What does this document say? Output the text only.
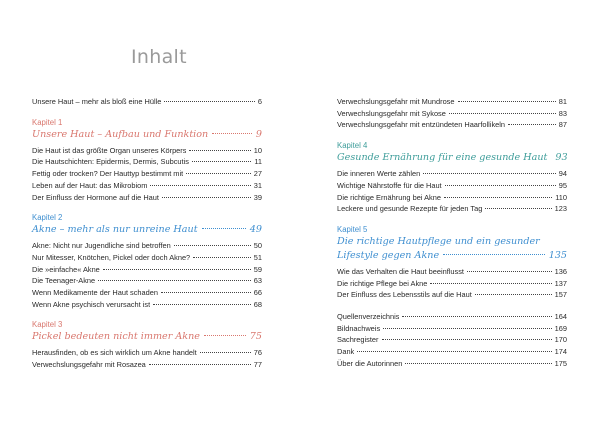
Inhalt
Unsere Haut – mehr als bloß eine Hülle	6
Kapitel 1
Unsere Haut – Aufbau und Funktion	9
Die Haut ist das größte Organ unseres Körpers	10
Die Hautschichten: Epidermis, Dermis, Subcutis	11
Fettig oder trocken? Der Hauttyp bestimmt mit	27
Leben auf der Haut: das Mikrobiom	31
Der Einfluss der Hormone auf die Haut	39
Kapitel 2
Akne – mehr als nur unreine Haut	49
Akne: Nicht nur Jugendliche sind betroffen	50
Nur Mitesser, Knötchen, Pickel oder doch Akne?	51
Die »einfache« Akne	59
Die Teenager-Akne	63
Wenn Medikamente der Haut schaden	66
Wenn Akne psychisch verursacht ist	68
Kapitel 3
Pickel bedeuten nicht immer Akne	75
Herausfinden, ob es sich wirklich um Akne handelt	76
Verwechslungsgefahr mit Rosazea	77
Verwechslungsgefahr mit Mundrose	81
Verwechslungsgefahr mit Sykose	83
Verwechslungsgefahr mit entzündeten Haarfollikeln	87
Kapitel 4
Gesunde Ernährung für eine gesunde Haut 93
Die inneren Werte zählen	94
Wichtige Nährstoffe für die Haut	95
Die richtige Ernährung bei Akne	110
Leckere und gesunde Rezepte für jeden Tag	123
Kapitel 5
Die richtige Hautpflege und ein gesunder
Lifestyle gegen Akne	135
Wie das Verhalten die Haut beeinflusst	136
Die richtige Pflege bei Akne	137
Der Einfluss des Lebensstils auf die Haut	157
Quellenverzeichnis	164
Bildnachweis	169
Sachregister	170
Dank	174
Über die Autorinnen	175
